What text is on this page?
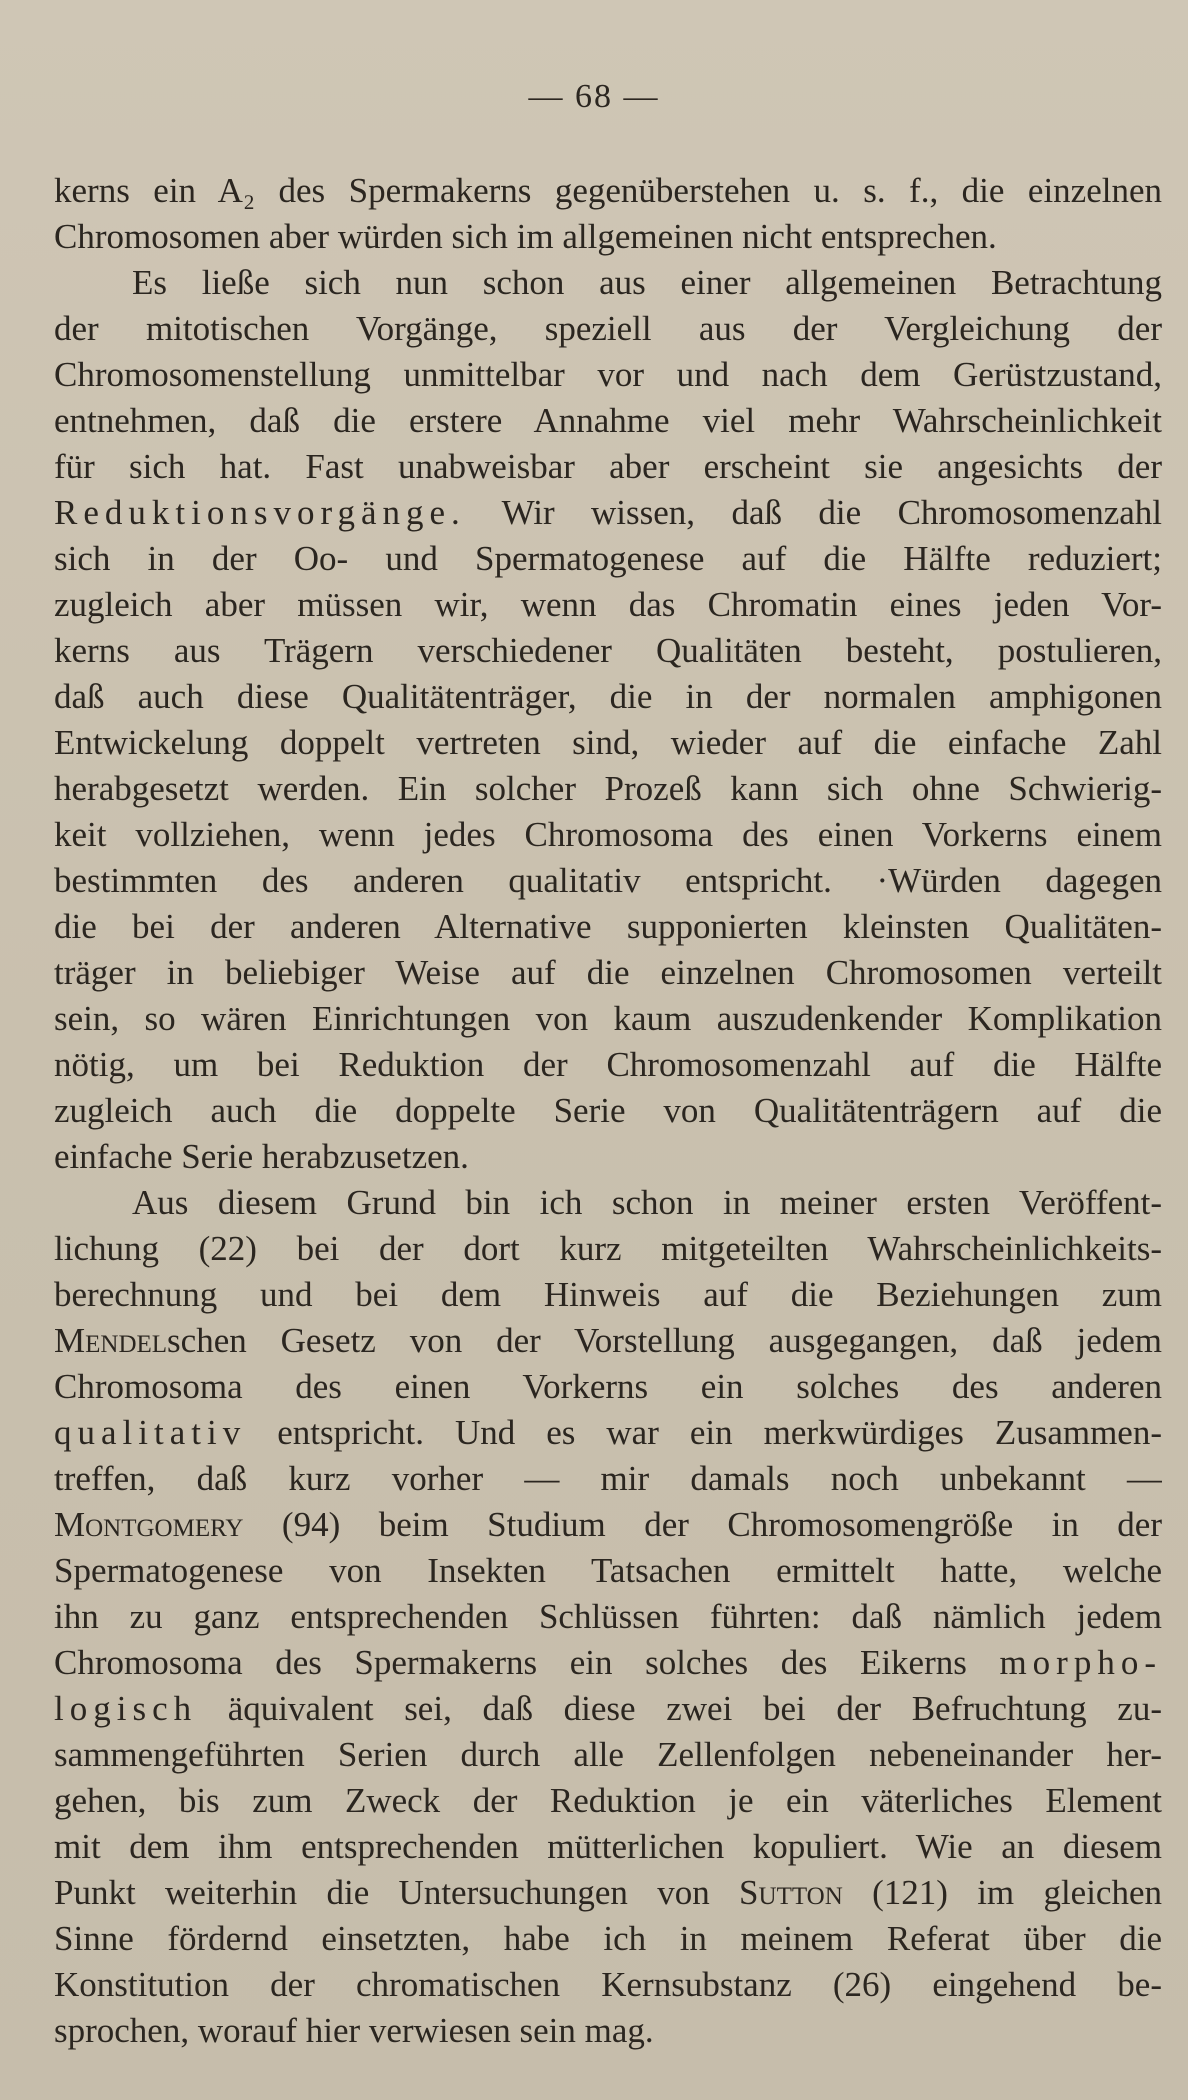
— 68 —
kerns ein A₂ des Spermakerns gegenüberstehen u. s. f., die einzelnen
Chromosomen aber würden sich im allgemeinen nicht entsprechen.
Es ließe sich nun schon aus einer allgemeinen Betrachtung
der mitotischen Vorgänge, speziell aus der Vergleichung der
Chromosomenstellung unmittelbar vor und nach dem Gerüstzustand,
entnehmen, daß die erstere Annahme viel mehr Wahrscheinlichkeit
für sich hat. Fast unabweisbar aber erscheint sie angesichts der
Reduktionsvorgänge. Wir wissen, daß die Chromosomenzahl
sich in der Oo- und Spermatogenese auf die Hälfte reduziert;
zugleich aber müssen wir, wenn das Chromatin eines jeden Vor-
kerns aus Trägern verschiedener Qualitäten besteht, postulieren,
daß auch diese Qualitätenträger, die in der normalen amphigonen
Entwickelung doppelt vertreten sind, wieder auf die einfache Zahl
herabgesetzt werden. Ein solcher Prozeß kann sich ohne Schwierig-
keit vollziehen, wenn jedes Chromosoma des einen Vorkerns einem
bestimmten des anderen qualitativ entspricht. ·Würden dagegen
die bei der anderen Alternative supponierten kleinsten Qualitäten-
träger in beliebiger Weise auf die einzelnen Chromosomen verteilt
sein, so wären Einrichtungen von kaum auszudenkender Komplikation
nötig, um bei Reduktion der Chromosomenzahl auf die Hälfte
zugleich auch die doppelte Serie von Qualitätenträgern auf die
einfache Serie herabzusetzen.
Aus diesem Grund bin ich schon in meiner ersten Veröffent-
lichung (22) bei der dort kurz mitgeteilten Wahrscheinlichkeits-
berechnung und bei dem Hinweis auf die Beziehungen zum
Mendelschen Gesetz von der Vorstellung ausgegangen, daß jedem
Chromosoma des einen Vorkerns ein solches des anderen
qualitativ entspricht. Und es war ein merkwürdiges Zusammen-
treffen, daß kurz vorher — mir damals noch unbekannt —
Montgomery (94) beim Studium der Chromosomengröße in der
Spermatogenese von Insekten Tatsachen ermittelt hatte, welche
ihn zu ganz entsprechenden Schlüssen führten: daß nämlich jedem
Chromosoma des Spermakerns ein solches des Eikerns morpho-
logisch äquivalent sei, daß diese zwei bei der Befruchtung zu-
sammengeführten Serien durch alle Zellenfolgen nebeneinander her-
gehen, bis zum Zweck der Reduktion je ein väterliches Element
mit dem ihm entsprechenden mütterlichen kopuliert. Wie an diesem
Punkt weiterhin die Untersuchungen von Sutton (121) im gleichen
Sinne fördernd einsetzten, habe ich in meinem Referat über die
Konstitution der chromatischen Kernsubstanz (26) eingehend be-
sprochen, worauf hier verwiesen sein mag.
